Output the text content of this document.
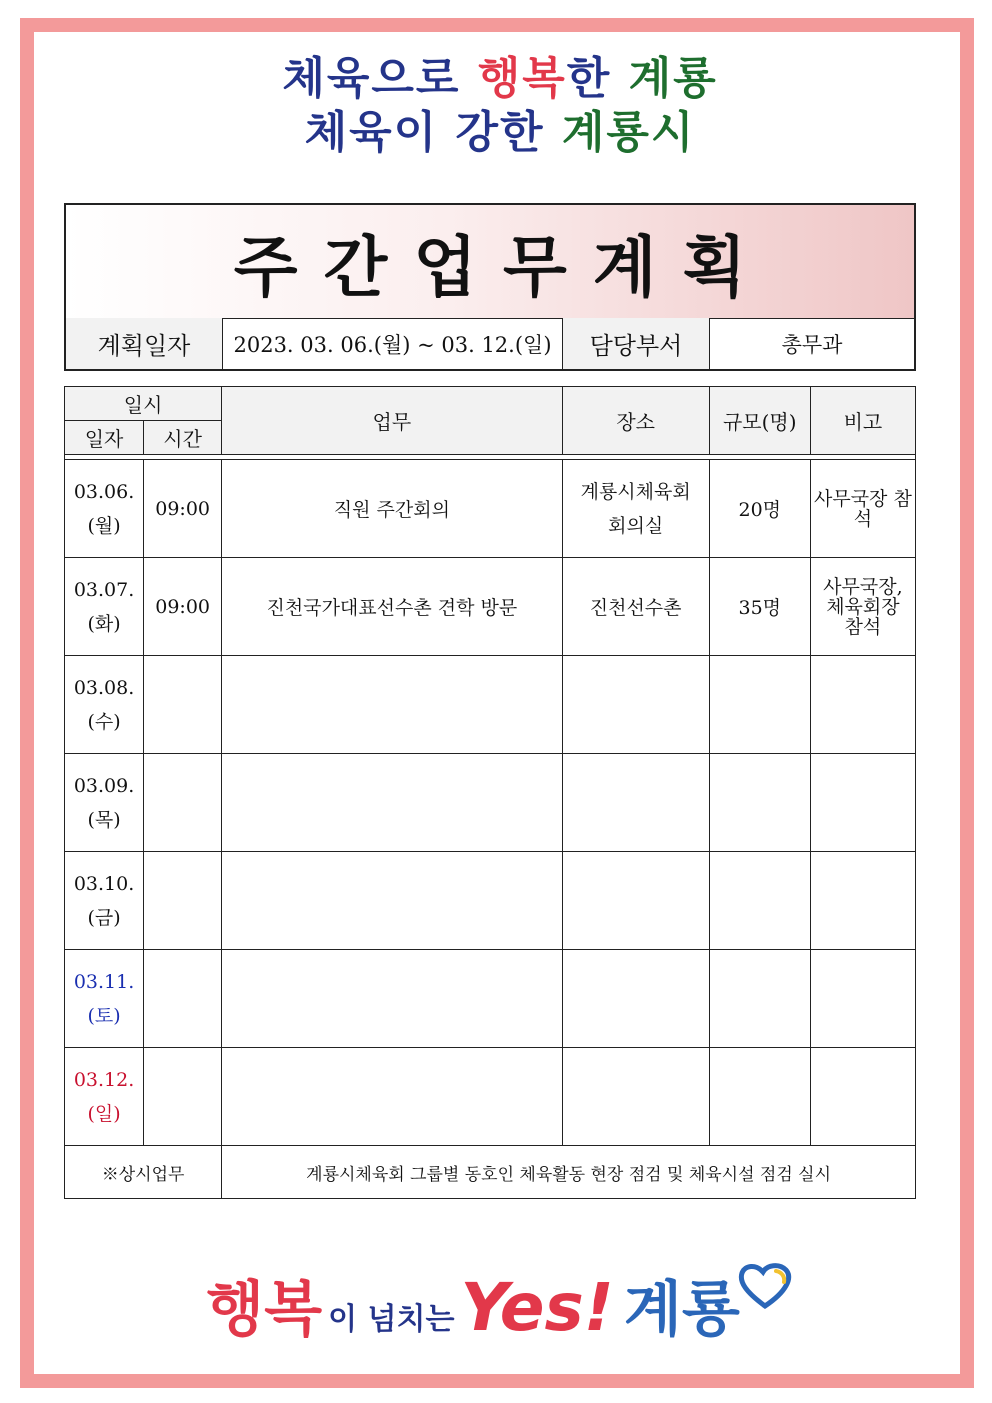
체육으로 행복한 계룡
체육이 강한 계룡시
주간업무계획
계획일자	2023. 03. 06.(월) ~ 03. 12.(일)	담당부서	총무과
일시		업무	장소	규모(명)	비고
일자	시간				

03.06.
(월)	09:00	직원 주간회의	계룡시체육회 회의실	20명	사무국장 참석

03.07.
(화)	09:00	진천국가대표선수촌 견학 방문	진천선수촌	35명	사무국장, 체육회장 참석

03.08.
(수)					

03.09.
(목)					

03.10.
(금)					

03.11.
(토)					

03.12.
(일)					

※상시업무		계룡시체육회 그룹별 동호인 체육활동 현장 점검 및 체육시설 점검 실시			
행복 이 넘치는 Yes! 계룡
